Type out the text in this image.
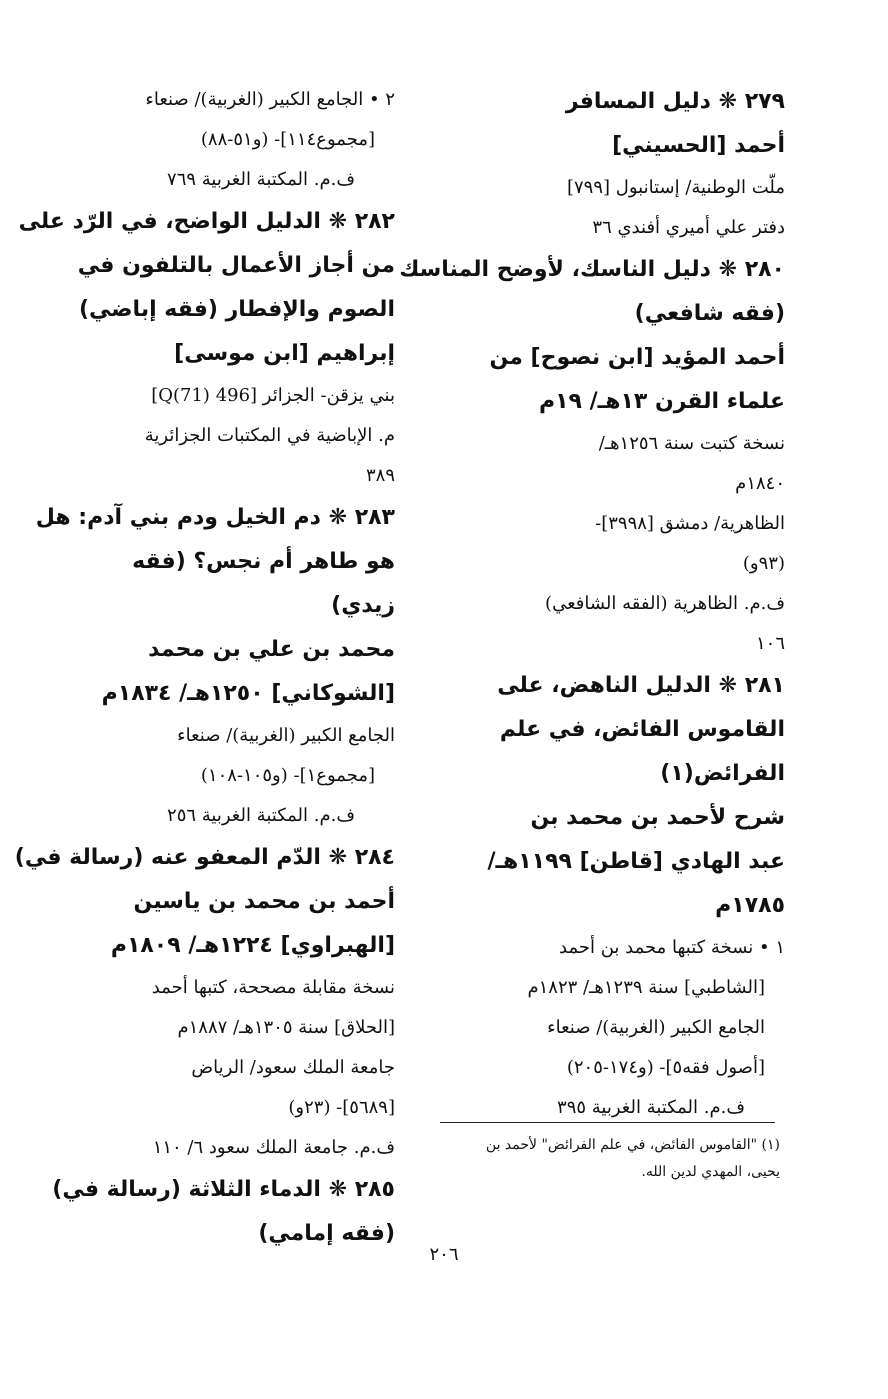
٢٧٩ ❋ دليل المسافر
أحمد [الحسيني]
ملّت الوطنية/ إستانبول [٧٩٩]
دفتر علي أميري أفندي ٣٦
٢٨٠ ❋ دليل الناسك، لأوضح المناسك
(فقه شافعي)
أحمد المؤيد [ابن نصوح] من
علماء القرن ١٣هـ/ ١٩م
نسخة كتبت سنة ١٢٥٦هـ/
١٨٤٠م
الظاهرية/ دمشق [٣٩٩٨]-
(٩٣و)
ف.م. الظاهرية (الفقه الشافعي)
١٠٦
٢٨١ ❋ الدليل الناهض، على
القاموس الفائض، في علم
الفرائض(١)
شرح لأحمد بن محمد بن
عبد الهادي [قاطن] ١١٩٩هـ/
١٧٨٥م
١ • نسخة كتبها محمد بن أحمد
[الشاطبي] سنة ١٢٣٩هـ/ ١٨٢٣م
الجامع الكبير (الغربية)/ صنعاء
[أصول فقه٥]- (و١٧٤-٢٠٥)
ف.م. المكتبة الغربية ٣٩٥
٢ • الجامع الكبير (الغربية)/ صنعاء
[مجموع١١٤]- (و٥١-٨٨)
ف.م. المكتبة الغربية ٧٦٩
٢٨٢ ❋ الدليل الواضح، في الرّد على
من أجاز الأعمال بالتلفون في
الصوم والإفطار (فقه إباضي)
إبراهيم [ابن موسى]
بني يزقن- الجزائر [496 Q(71)]
م. الإباضية في المكتبات الجزائرية
٣٨٩
٢٨٣ ❋ دم الخيل ودم بني آدم: هل
هو طاهر أم نجس؟ (فقه
زيدي)
محمد بن علي بن محمد
[الشوكاني] ١٢٥٠هـ/ ١٨٣٤م
الجامع الكبير (الغربية)/ صنعاء
[مجموع١]- (و١٠٥-١٠٨)
ف.م. المكتبة الغربية ٢٥٦
٢٨٤ ❋ الدّم المعفو عنه (رسالة في)
أحمد بن محمد بن ياسين
[الهبراوي] ١٢٢٤هـ/ ١٨٠٩م
نسخة مقابلة مصححة، كتبها أحمد
[الحلاق] سنة ١٣٠٥هـ/ ١٨٨٧م
جامعة الملك سعود/ الرياض
[٥٦٨٩]- (٢٣و)
ف.م. جامعة الملك سعود ٦/ ١١٠
٢٨٥ ❋ الدماء الثلاثة (رسالة في)
(فقه إمامي)
(١) "القاموس الفائض، في علم الفرائض" لأحمد بن
يحيى، المهدي لدين الله.
٢٠٦
